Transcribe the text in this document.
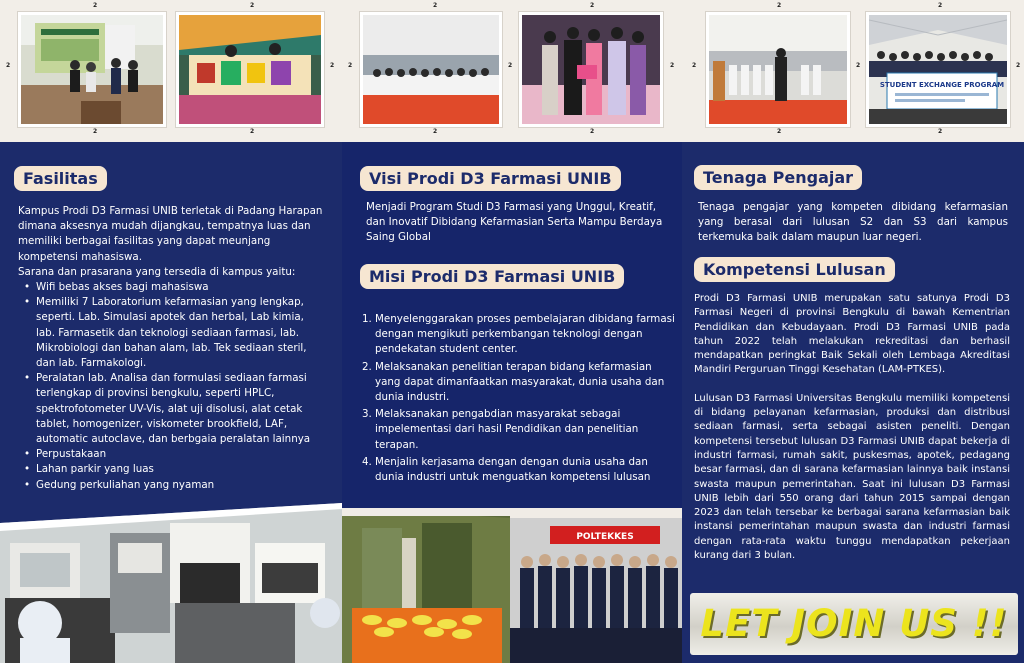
2	2
2	2
2	2
Fasilitas

Kampus Prodi D3 Farmasi UNIB terletak di Padang Harapan dimana aksesnya mudah dijangkau, tempatnya luas dan memiliki berbagai fasilitas yang dapat meunjang kompetensi mahasiswa.

Sarana dan prasarana yang tersedia di kampus yaitu:

• Wifi bebas akses bagi mahasiswa
• Memiliki 7 Laboratorium kefarmasian yang lengkap, seperti. Lab. Simulasi apotek dan herbal, Lab kimia, lab. Farmasetik dan teknologi sediaan farmasi, lab. Mikrobiologi dan bahan alam, lab. Tek sediaan steril, dan lab. Farmakologi.
• Peralatan lab. Analisa dan formulasi sediaan farmasi terlengkap di provinsi bengkulu, seperti HPLC, spektrofotometer UV-Vis, alat uji disolusi, alat cetak tablet, homogenizer, viskometer brookfield, LAF, automatic autoclave, dan berbgaia peralatan lainnya
• Perpustakaan
• Lahan parkir yang luas
• Gedung perkuliahan yang nyaman
2	2
2	2
2	2	2
Visi Prodi D3 Farmasi UNIB
Menjadi Program Studi D3 Farmasi yang Unggul, Kreatif, dan Inovatif Dibidang Kefarmasian Serta Mampu Berdaya Saing Global
Misi Prodi D3 Farmasi UNIB
1. Menyelenggarakan proses pembelajaran dibidang farmasi dengan mengikuti perkembangan teknologi dengan pendekatan student center.
2. Melaksanakan penelitian terapan bidang kefarmasian yang dapat dimanfaatkan masyarakat, dunia usaha dan dunia industri.
3. Melaksanakan pengabdian masyarakat sebagai impelementasi dari hasil Pendidikan dan penelitian terapan.
4. Menjalin kerjasama dengan dengan dunia usaha dan dunia industri untuk menguatkan kompetensi lulusan
POLTEKKES
STUDENT EXCHANGE PROGRAM
2	2
2	2
2	2	2
Tenaga Pengajar
Tenaga pengajar yang kompeten dibidang kefarmasian yang berasal dari lulusan S2 dan S3 dari kampus terkemuka baik dalam maupun luar negeri.
Kompetensi Lulusan

Prodi D3 Farmasi UNIB merupakan satu satunya Prodi D3 Farmasi Negeri di provinsi Bengkulu di bawah Kementrian Pendidikan dan Kebudayaan. Prodi D3 Farmasi UNIB pada tahun 2022 telah melakukan rekreditasi dan berhasil mendapatkan peringkat Baik Sekali oleh Lembaga Akreditasi Mandiri Perguruan Tinggi Kesehatan (LAM-PTKES).

Lulusan D3 Farmasi Universitas Bengkulu memiliki kompetensi di bidang pelayanan kefarmasian, produksi dan distribusi sediaan farmasi, serta sebagai asisten peneliti. Dengan kompetensi tersebut lulusan D3 Farmasi UNIB dapat bekerja di industri farmasi, rumah sakit, puskesmas, apotek, pedagang besar farmasi, dan di sarana kefarmasian lainnya baik instansi swasta maupun pemerintahan. Saat ini lulusan D3 Farmasi UNIB lebih dari 550 orang dari tahun 2015 sampai dengan 2023 dan telah tersebar ke berbagai sarana kefarmasian baik instansi pemerintahan maupun swasta dan industri farmasi dengan rata-rata waktu tunggu mendapatkan pekerjaan kurang dari 3 bulan.

LET JOIN US !!
